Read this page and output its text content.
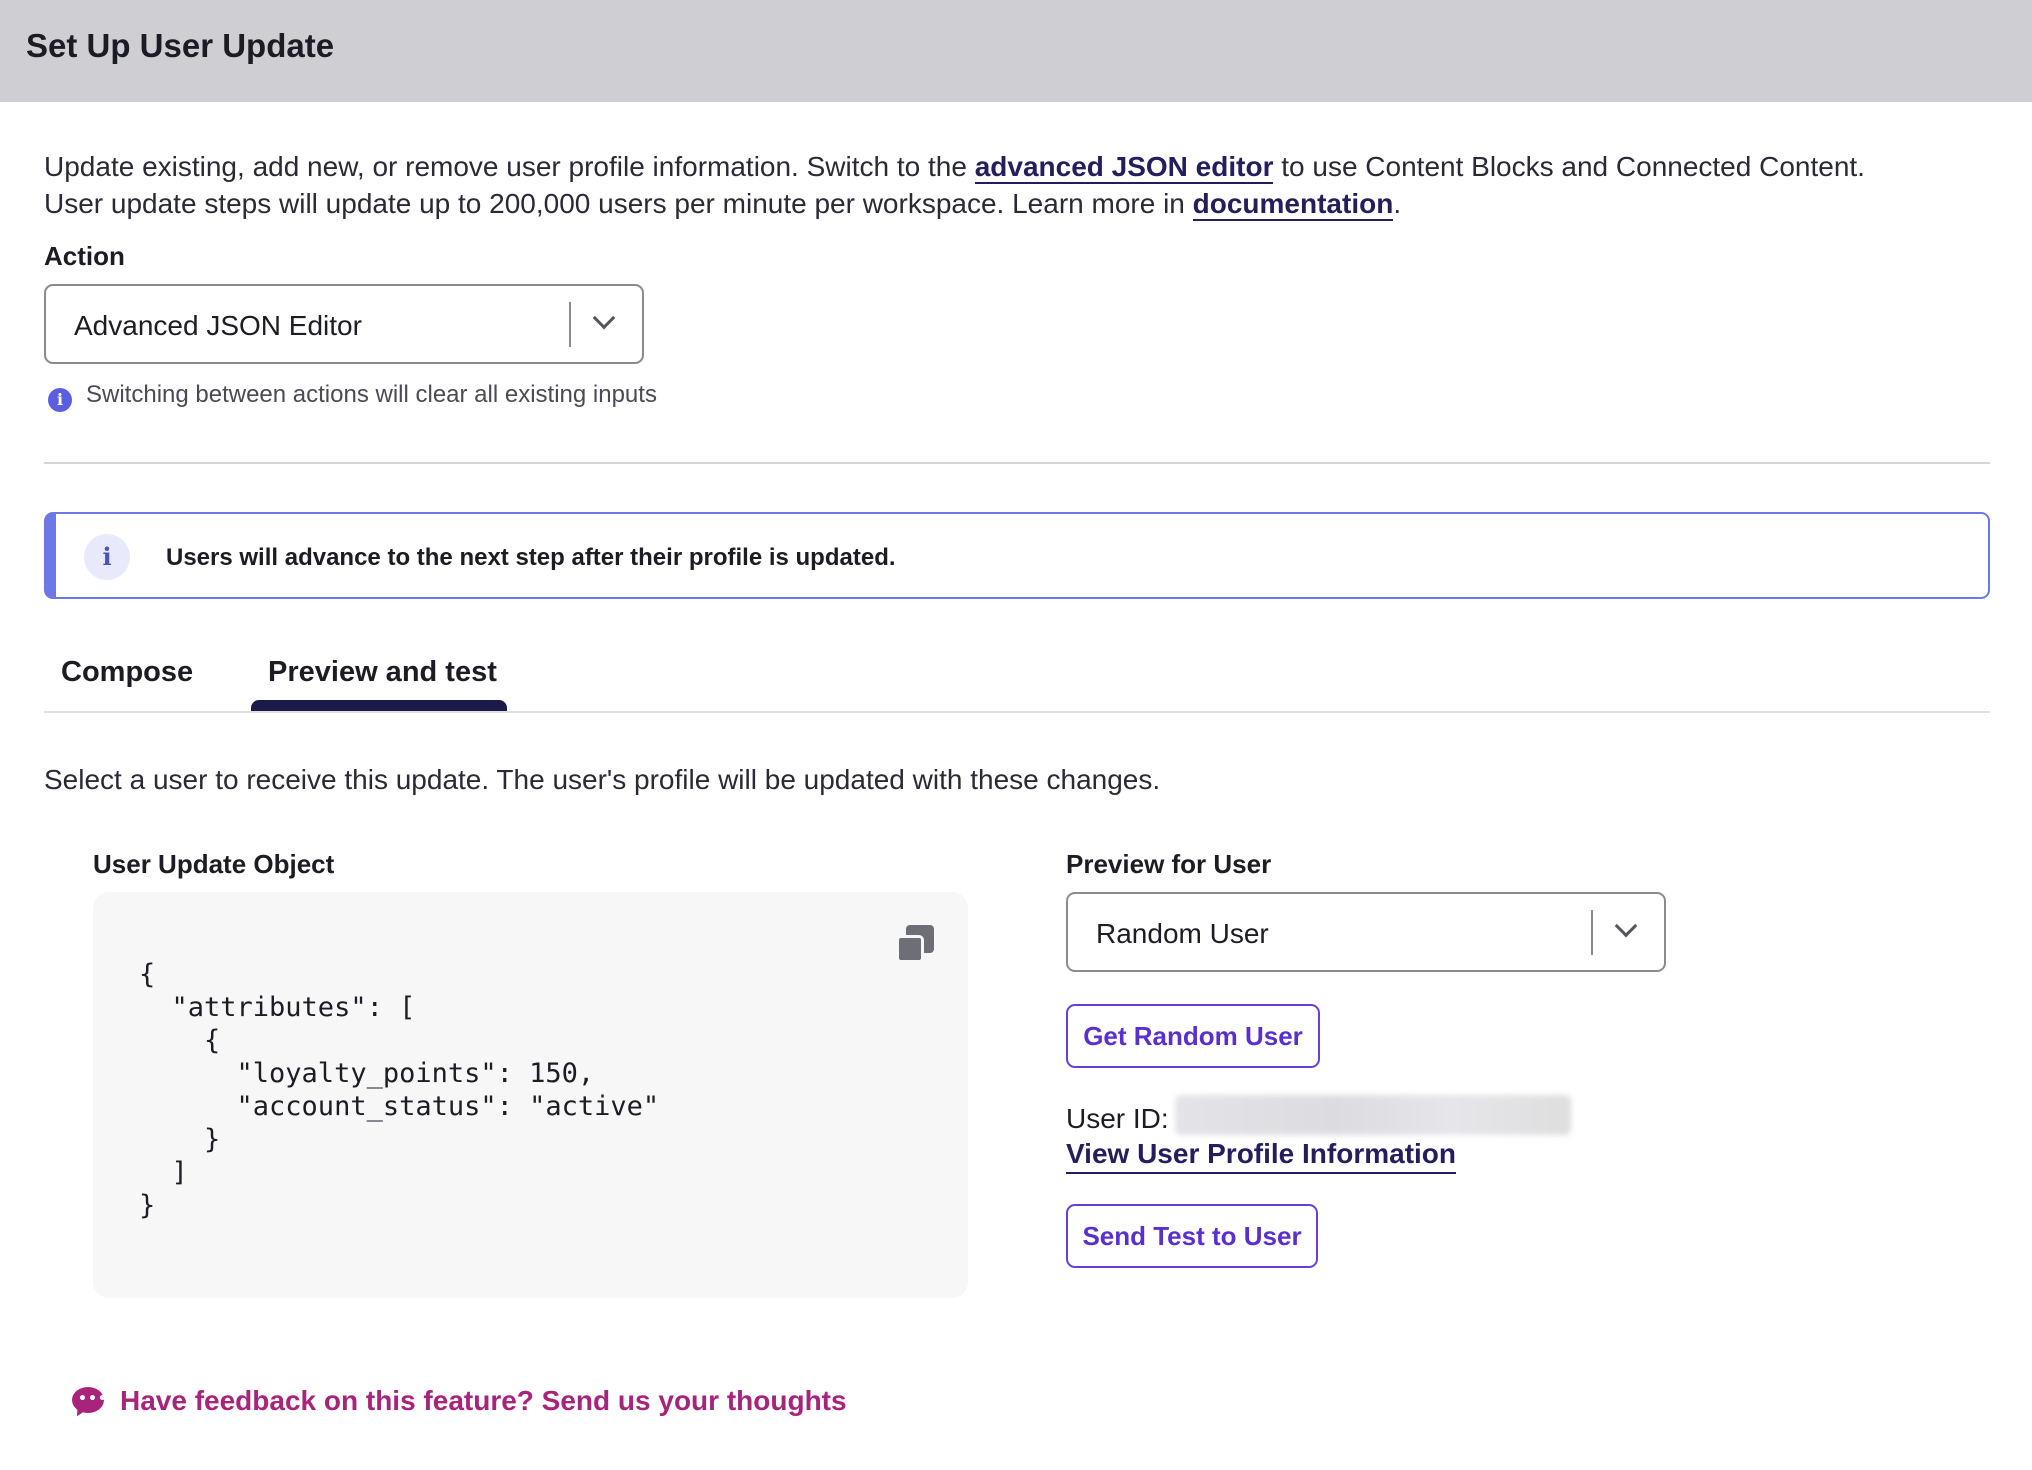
Set Up User Update
Update existing, add new, or remove user profile information. Switch to the advanced JSON editor to use Content Blocks and Connected Content.
User update steps will update up to 200,000 users per minute per workspace. Learn more in documentation.
Action
Advanced JSON Editor
i Switching between actions will clear all existing inputs
i	Users will advance to the next step after their profile is updated.
Compose	Preview and test
Select a user to receive this update. The user's profile will be updated with these changes.
User Update Object
{
"attributes": [
{
"loyalty_points": 150,
"account_status": "active"
}
]
}
Preview for User
Random User
Get Random User
User ID:
View User Profile Information
Send Test to User
••• Have feedback on this feature? Send us your thoughts
